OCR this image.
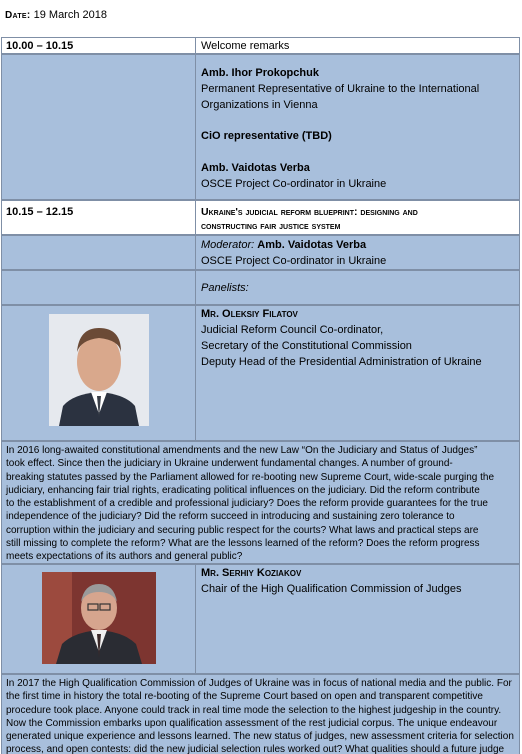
Date: 19 March 2018
10.00 – 10.15	Welcome remarks
Amb. Ihor Prokopchuk
Permanent Representative of Ukraine to the International
Organizations in Vienna
CiO representative (TBD)
Amb. Vaidotas Verba
OSCE Project Co-ordinator in Ukraine
10.15 – 12.15	Ukraine's judicial reform blueprint: designing and
constructing fair justice system
Moderator: Amb. Vaidotas Verba
OSCE Project Co-ordinator in Ukraine
Panelists:
Mr. Oleksiy Filatov
Judicial Reform Council Co-ordinator,
Secretary of the Constitutional Commission
Deputy Head of the Presidential Administration of Ukraine
In 2016 long-awaited constitutional amendments and the new Law “On the Judiciary and Status of Judges”
took effect. Since then the judiciary in Ukraine underwent fundamental changes. A number of ground-
breaking statutes passed by the Parliament allowed for re-booting new Supreme Court, wide-scale purging the
judiciary, enhancing fair trial rights, eradicating political influences on the judiciary. Did the reform contribute
to the establishment of a credible and professional judiciary? Does the reform provide guarantees for the true
independence of the judiciary? Did the reform succeed in introducing and sustaining zero tolerance to
corruption within the judiciary and securing public respect for the courts? What laws and practical steps are
still missing to complete the reform? What are the lessons learned of the reform? Does the reform progress
meets expectations of its authors and general public?
Mr. Serhiy Koziakov
Chair of the High Qualification Commission of Judges
In 2017 the High Qualification Commission of Judges of Ukraine was in focus of national media and the public. For
the first time in history the total re-booting of the Supreme Court based on open and transparent competitive
procedure took place. Anyone could track in real time mode the selection to the highest judgeship in the country.
Now the Commission embarks upon qualification assessment of the rest judicial corpus. The unique endeavour
generated unique experience and lessons learned. The new status of judges, new assessment criteria for selection
process, and open contests: did the new judicial selection rules worked out? What qualities should a future judge
